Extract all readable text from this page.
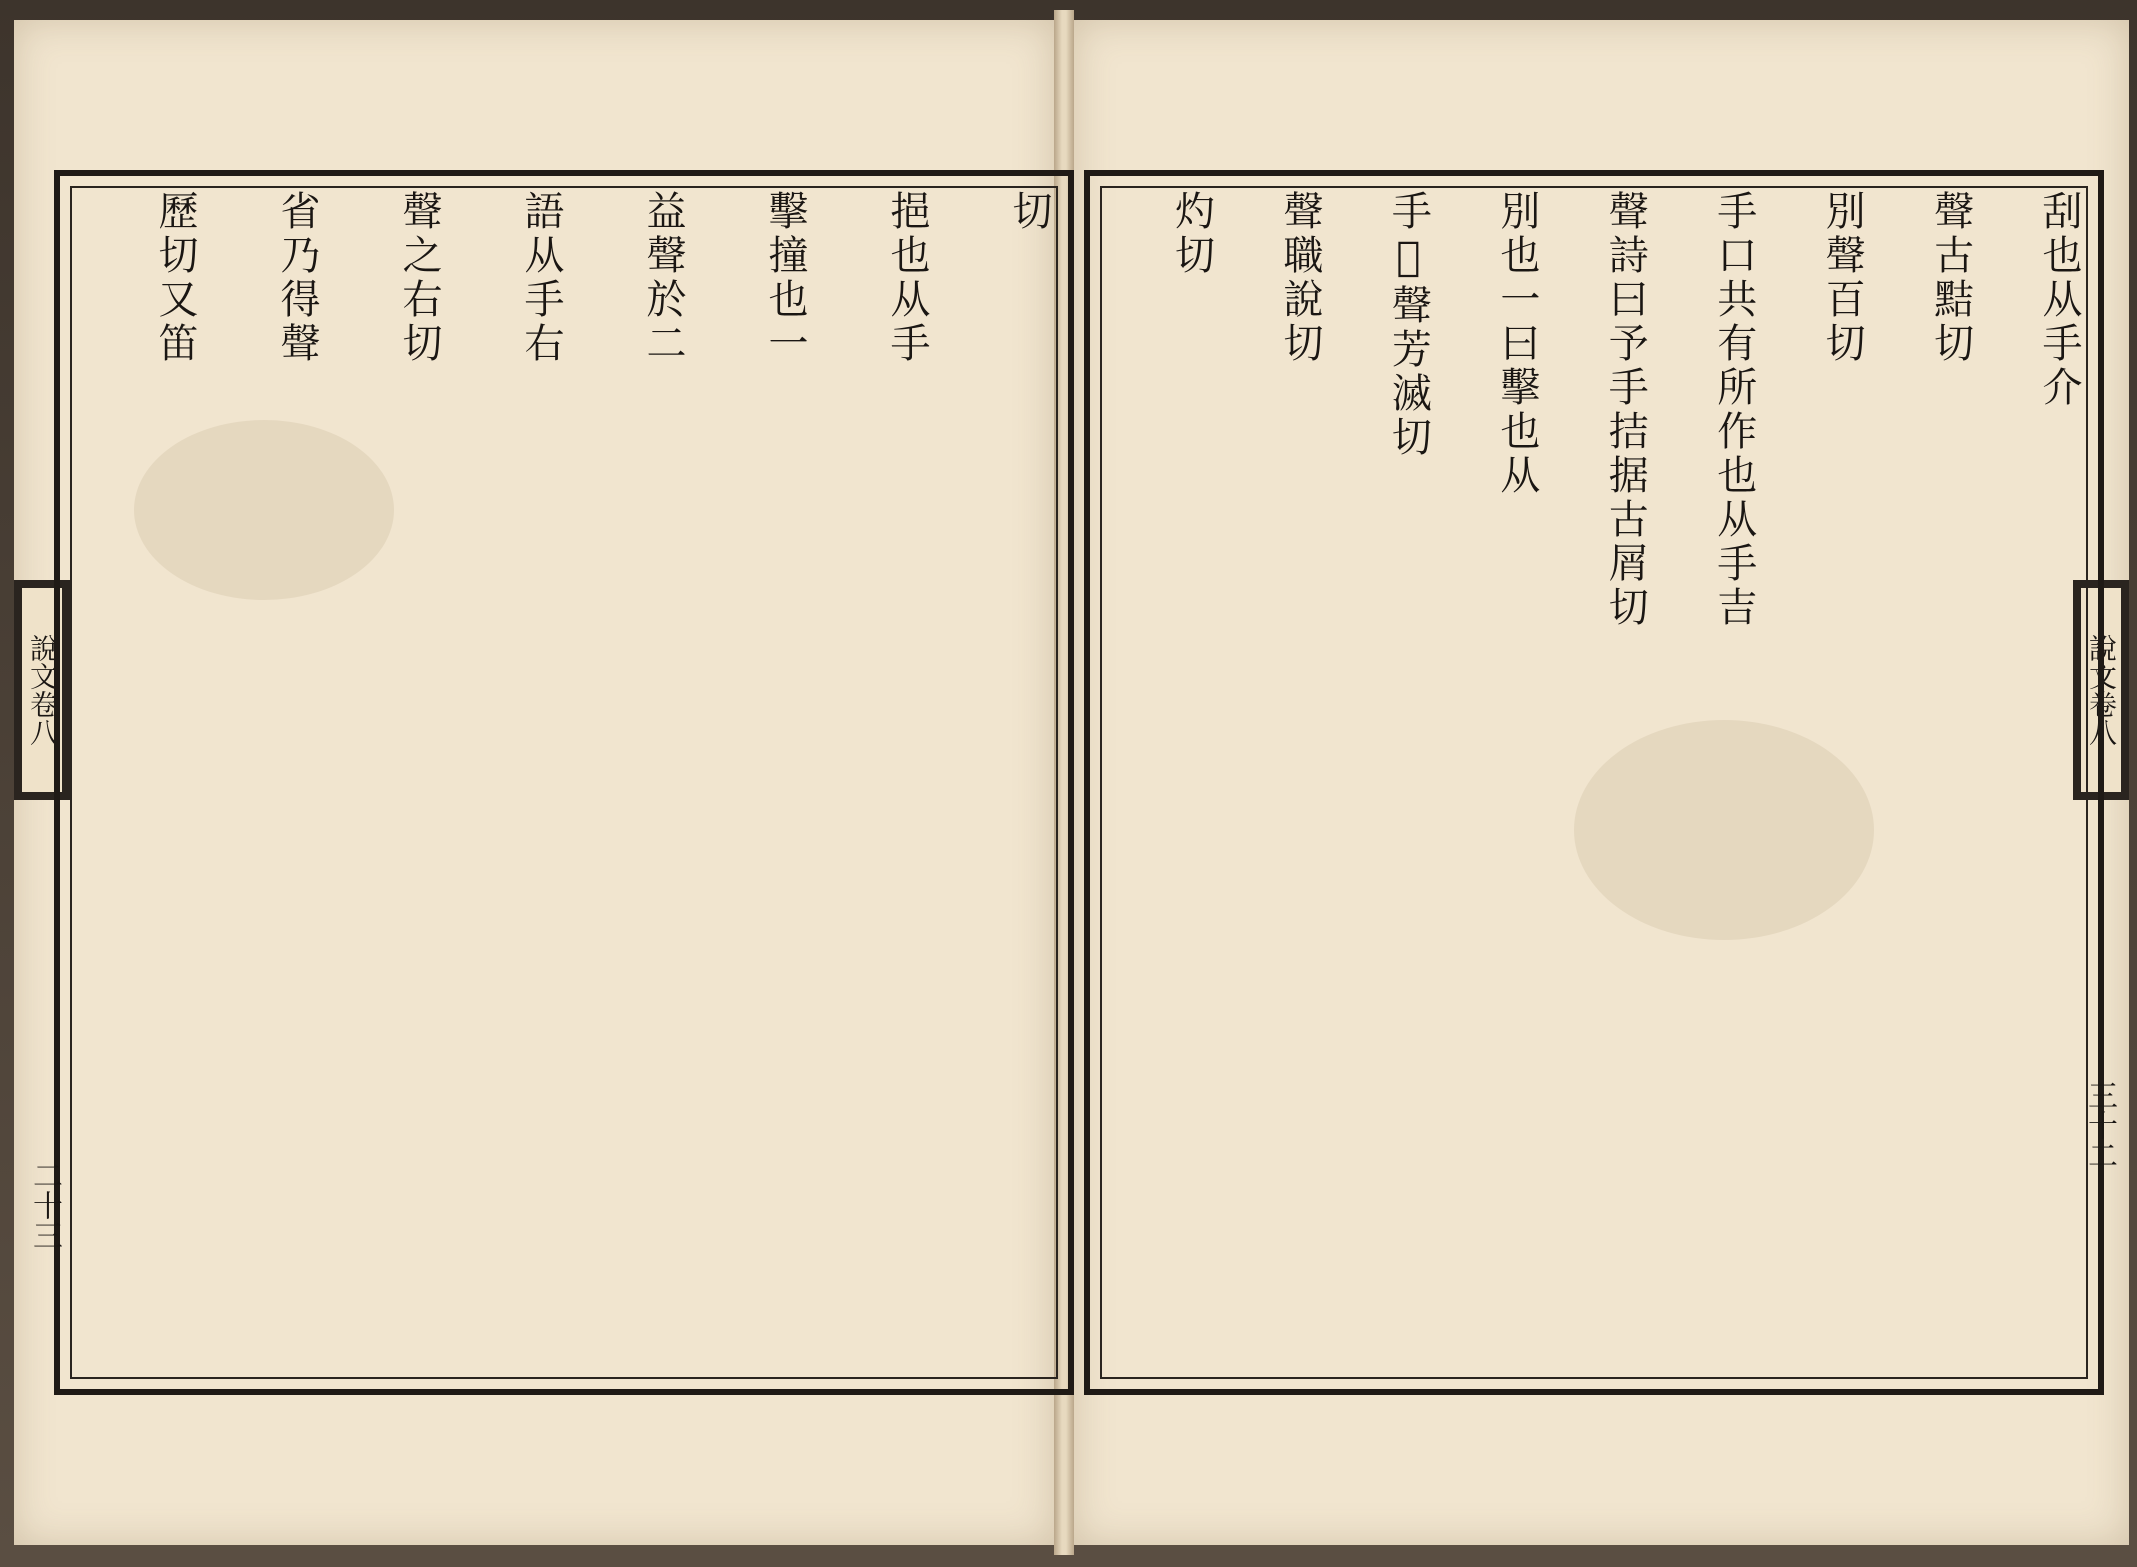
說文卷八
切
挹也从手
擊撞也一
益聲於二
語从手右
聲之右切
省乃得聲
歷切又笛
二十三
說文卷八
刮也从手介
聲古黠切
別聲百切
手口共有所作也从手吉
聲詩曰予手拮据古屑切
別也一曰擊也从
手𢽳聲芳滅切
聲職說切
灼切
三十二
